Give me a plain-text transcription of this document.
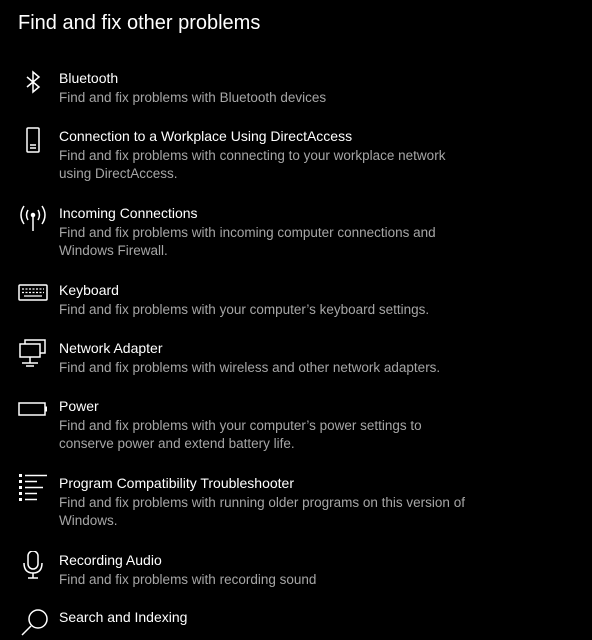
Find and fix other problems
Bluetooth
Find and fix problems with Bluetooth devices
Connection to a Workplace Using DirectAccess
Find and fix problems with connecting to your workplace network using DirectAccess.
Incoming Connections
Find and fix problems with incoming computer connections and Windows Firewall.
Keyboard
Find and fix problems with your computer’s keyboard settings.
Network Adapter
Find and fix problems with wireless and other network adapters.
Power
Find and fix problems with your computer’s power settings to conserve power and extend battery life.
Program Compatibility Troubleshooter
Find and fix problems with running older programs on this version of Windows.
Recording Audio
Find and fix problems with recording sound
Search and Indexing
